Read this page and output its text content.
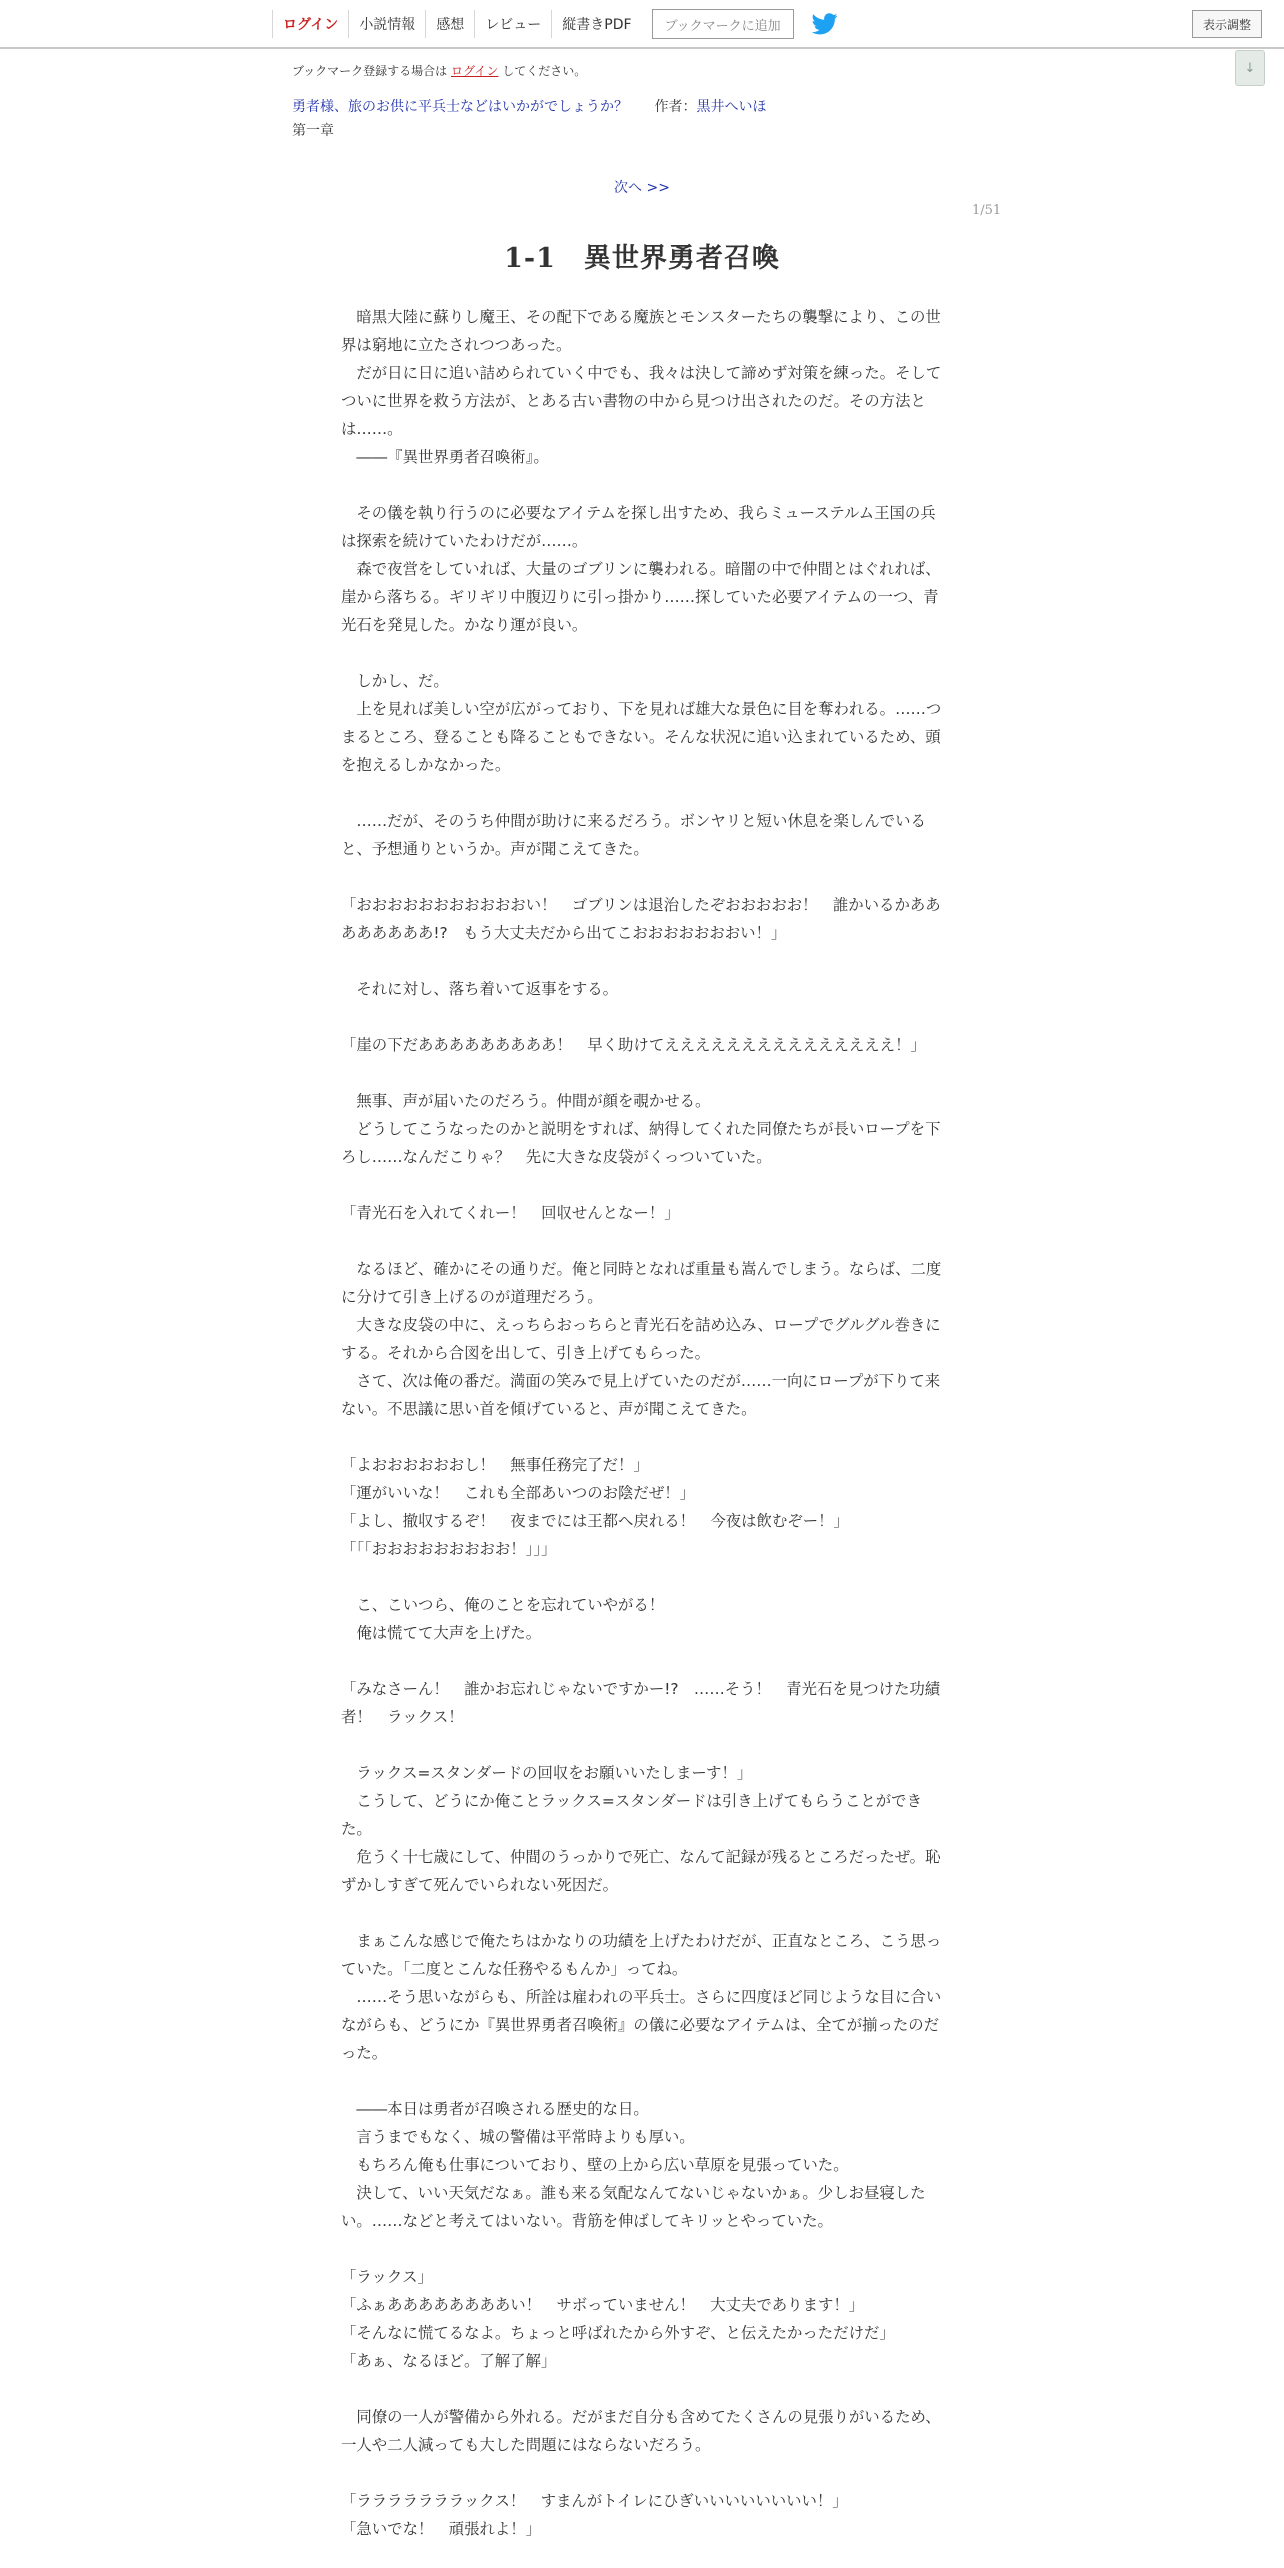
ログイン	小説情報	感想	レビュー	縦書きPDF	ブックマークに追加	表示調整
↓
ブックマーク登録する場合は ログイン してください。
勇者様、旅のお供に平兵士などはいかがでしょうか？ 作者：黒井へいほ
第一章
次へ >>
1/51
1-1　異世界勇者召喚

　暗黒大陸に蘇りし魔王、その配下である魔族とモンスターたちの襲撃により、この世界は窮地に立たされつつあった。

　だが日に日に追い詰められていく中でも、我々は決して諦めず対策を練った。そしてついに世界を救う方法が、とある古い書物の中から見つけ出されたのだ。その方法とは……。

　――『異世界勇者召喚術』。

　その儀を執り行うのに必要なアイテムを探し出すため、我らミューステルム王国の兵は探索を続けていたわけだが……。

　森で夜営をしていれば、大量のゴブリンに襲われる。暗闇の中で仲間とはぐれれば、崖から落ちる。ギリギリ中腹辺りに引っ掛かり……探していた必要アイテムの一つ、青光石を発見した。かなり運が良い。

　しかし、だ。

　上を見れば美しい空が広がっており、下を見れば雄大な景色に目を奪われる。……つまるところ、登ることも降ることもできない。そんな状況に追い込まれているため、頭を抱えるしかなかった。

　……だが、そのうち仲間が助けに来るだろう。ボンヤリと短い休息を楽しんでいると、予想通りというか。声が聞こえてきた。

「おおおおおおおおおおおい！　ゴブリンは退治したぞおおおおお！　誰かいるかああああああああ!?　もう大丈夫だから出てこおおおおおおおい！」

　それに対し、落ち着いて返事をする。

「崖の下だあああああああああ！　早く助けてえええええええええええええええ！」

　無事、声が届いたのだろう。仲間が顔を覗かせる。

　どうしてこうなったのかと説明をすれば、納得してくれた同僚たちが長いロープを下ろし……なんだこりゃ？　先に大きな皮袋がくっついていた。

「青光石を入れてくれー！　回収せんとなー！」

　なるほど、確かにその通りだ。俺と同時となれば重量も嵩んでしまう。ならば、二度に分けて引き上げるのが道理だろう。

　大きな皮袋の中に、えっちらおっちらと青光石を詰め込み、ロープでグルグル巻きにする。それから合図を出して、引き上げてもらった。

　さて、次は俺の番だ。満面の笑みで見上げていたのだが……一向にロープが下りて来ない。不思議に思い首を傾げていると、声が聞こえてきた。

「よおおおおおおし！　無事任務完了だ！」

「運がいいな！　これも全部あいつのお陰だぜ！」

「よし、撤収するぞ！　夜までには王都へ戻れる！　今夜は飲むぞー！」

「「「おおおおおおおおお！」」」

　こ、こいつら、俺のことを忘れていやがる！

　俺は慌てて大声を上げた。

「みなさーん！　誰かお忘れじゃないですかー!?　……そう！　青光石を見つけた功績者！　ラックス！

　ラックス=スタンダードの回収をお願いいたしまーす！」

　こうして、どうにか俺ことラックス=スタンダードは引き上げてもらうことができた。

　危うく十七歳にして、仲間のうっかりで死亡、なんて記録が残るところだったぜ。恥ずかしすぎて死んでいられない死因だ。

　まぁこんな感じで俺たちはかなりの功績を上げたわけだが、正直なところ、こう思っていた。「二度とこんな任務やるもんか」ってね。

　……そう思いながらも、所詮は雇われの平兵士。さらに四度ほど同じような目に合いながらも、どうにか『異世界勇者召喚術』の儀に必要なアイテムは、全てが揃ったのだった。

　――本日は勇者が召喚される歴史的な日。

　言うまでもなく、城の警備は平常時よりも厚い。

　もちろん俺も仕事についており、壁の上から広い草原を見張っていた。

　決して、いい天気だなぁ。誰も来る気配なんてないじゃないかぁ。少しお昼寝したい。……などと考えてはいない。背筋を伸ばしてキリッとやっていた。

「ラックス」

「ふぁああああああああい！　サボっていません！　大丈夫であります！」

「そんなに慌てるなよ。ちょっと呼ばれたから外すぞ、と伝えたかっただけだ」

「あぁ、なるほど。了解了解」

　同僚の一人が警備から外れる。だがまだ自分も含めてたくさんの見張りがいるため、一人や二人減っても大した問題にはならないだろう。

「ラララララララックス！　すまんがトイレにひぎいいいいいいいい！」

「急いでな！　頑張れよ！」
